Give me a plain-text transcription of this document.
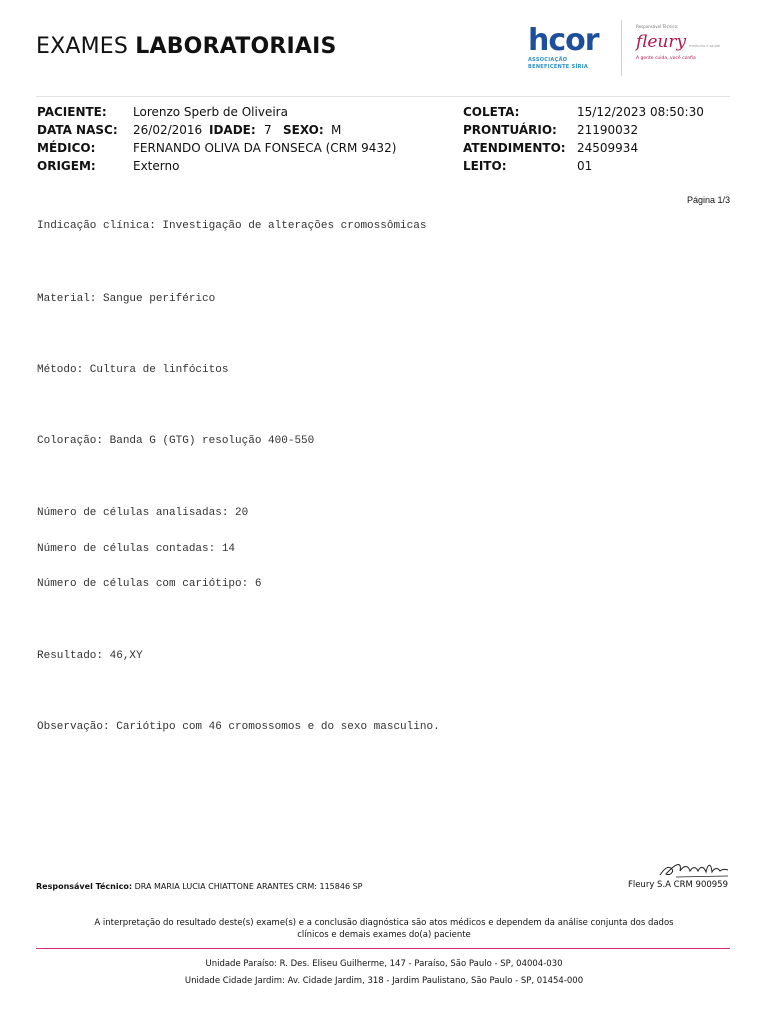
EXAMES LABORATORIAIS	hcor
ASSOCIAÇÃO
BENEFICENTE SÍRIA
Responsável Técnico:
fleury medicina e saúde
A gente cuida, você confia
PACIENTE: Lorenzo Sperb de Oliveira
DATA NASC: 26/02/2016 IDADE: 7 SEXO: M
MÉDICO:	FERNANDO OLIVA DA FONSECA (CRM 9432)
ORIGEM:	Externo
COLETA:	15/12/2023 08:50:30
PRONTUÁRIO: 21190032
ATENDIMENTO: 24509934
LEITO:	01
Página 1/3
Indicação clínica: Investigação de alterações cromossômicas
Material: Sangue periférico
Método: Cultura de linfócitos
Coloração: Banda G (GTG) resolução 400-550
Número de células analisadas: 20
Número de células contadas: 14
Número de células com cariótipo: 6
Resultado: 46,XY
Observação: Cariótipo com 46 cromossomos e do sexo masculino.
Responsável Técnico: DRA MARIA LUCIA CHIATTONE ARANTES CRM: 115846 SP	Fleury S.A CRM 900959
A interpretação do resultado deste(s) exame(s) e a conclusão diagnóstica são atos médicos e dependem da análise conjunta dos dados
clínicos e demais exames do(a) paciente
Unidade Paraíso: R. Des. Eliseu Guilherme, 147 - Paraíso, São Paulo - SP, 04004-030
Unidade Cidade Jardim: Av. Cidade Jardim, 318 - Jardim Paulistano, São Paulo - SP, 01454-000
